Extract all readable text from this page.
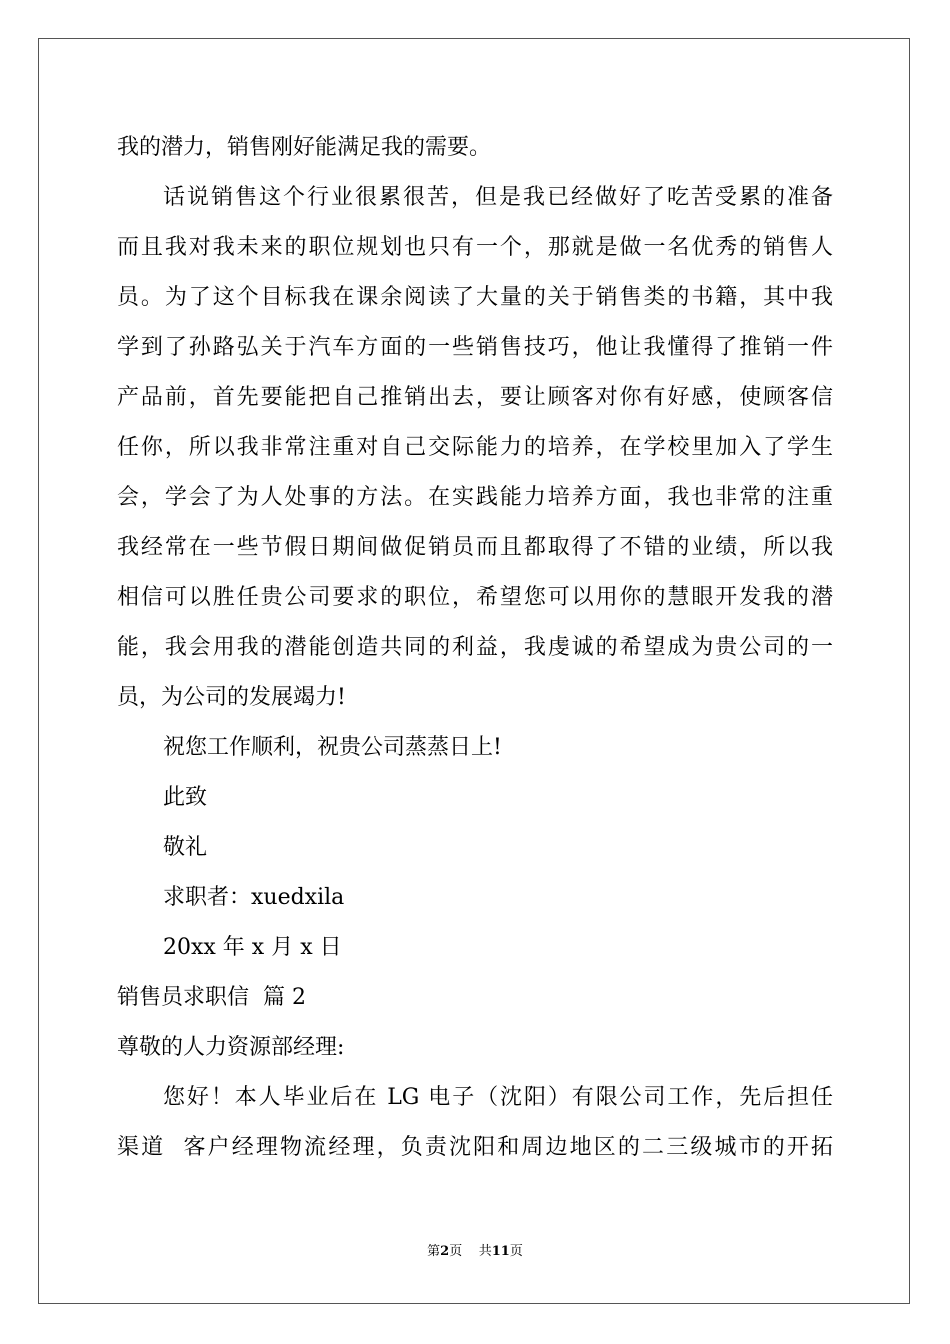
我的潜力，销售刚好能满足我的需要。
话说销售这个行业很累很苦，但是我已经做好了吃苦受累的准备
而且我对我未来的职位规划也只有一个，那就是做一名优秀的销售人
员。为了这个目标我在课余阅读了大量的关于销售类的书籍，其中我
学到了孙路弘关于汽车方面的一些销售技巧，他让我懂得了推销一件
产品前，首先要能把自己推销出去，要让顾客对你有好感，使顾客信
任你，所以我非常注重对自己交际能力的培养，在学校里加入了学生
会，学会了为人处事的方法。在实践能力培养方面，我也非常的注重
我经常在一些节假日期间做促销员而且都取得了不错的业绩，所以我
相信可以胜任贵公司要求的职位，希望您可以用你的慧眼开发我的潜
能，我会用我的潜能创造共同的利益，我虔诚的希望成为贵公司的一
员，为公司的发展竭力!
祝您工作顺利，祝贵公司蒸蒸日上!
此致
敬礼
求职者：xuedxila
20xx 年 x 月 x 日
销售员求职信  篇 2
尊敬的人力资源部经理:
您好！本人毕业后在 LG 电子（沈阳）有限公司工作，先后担任
渠道  客户经理物流经理，负责沈阳和周边地区的二三级城市的开拓
第2页    共11页
